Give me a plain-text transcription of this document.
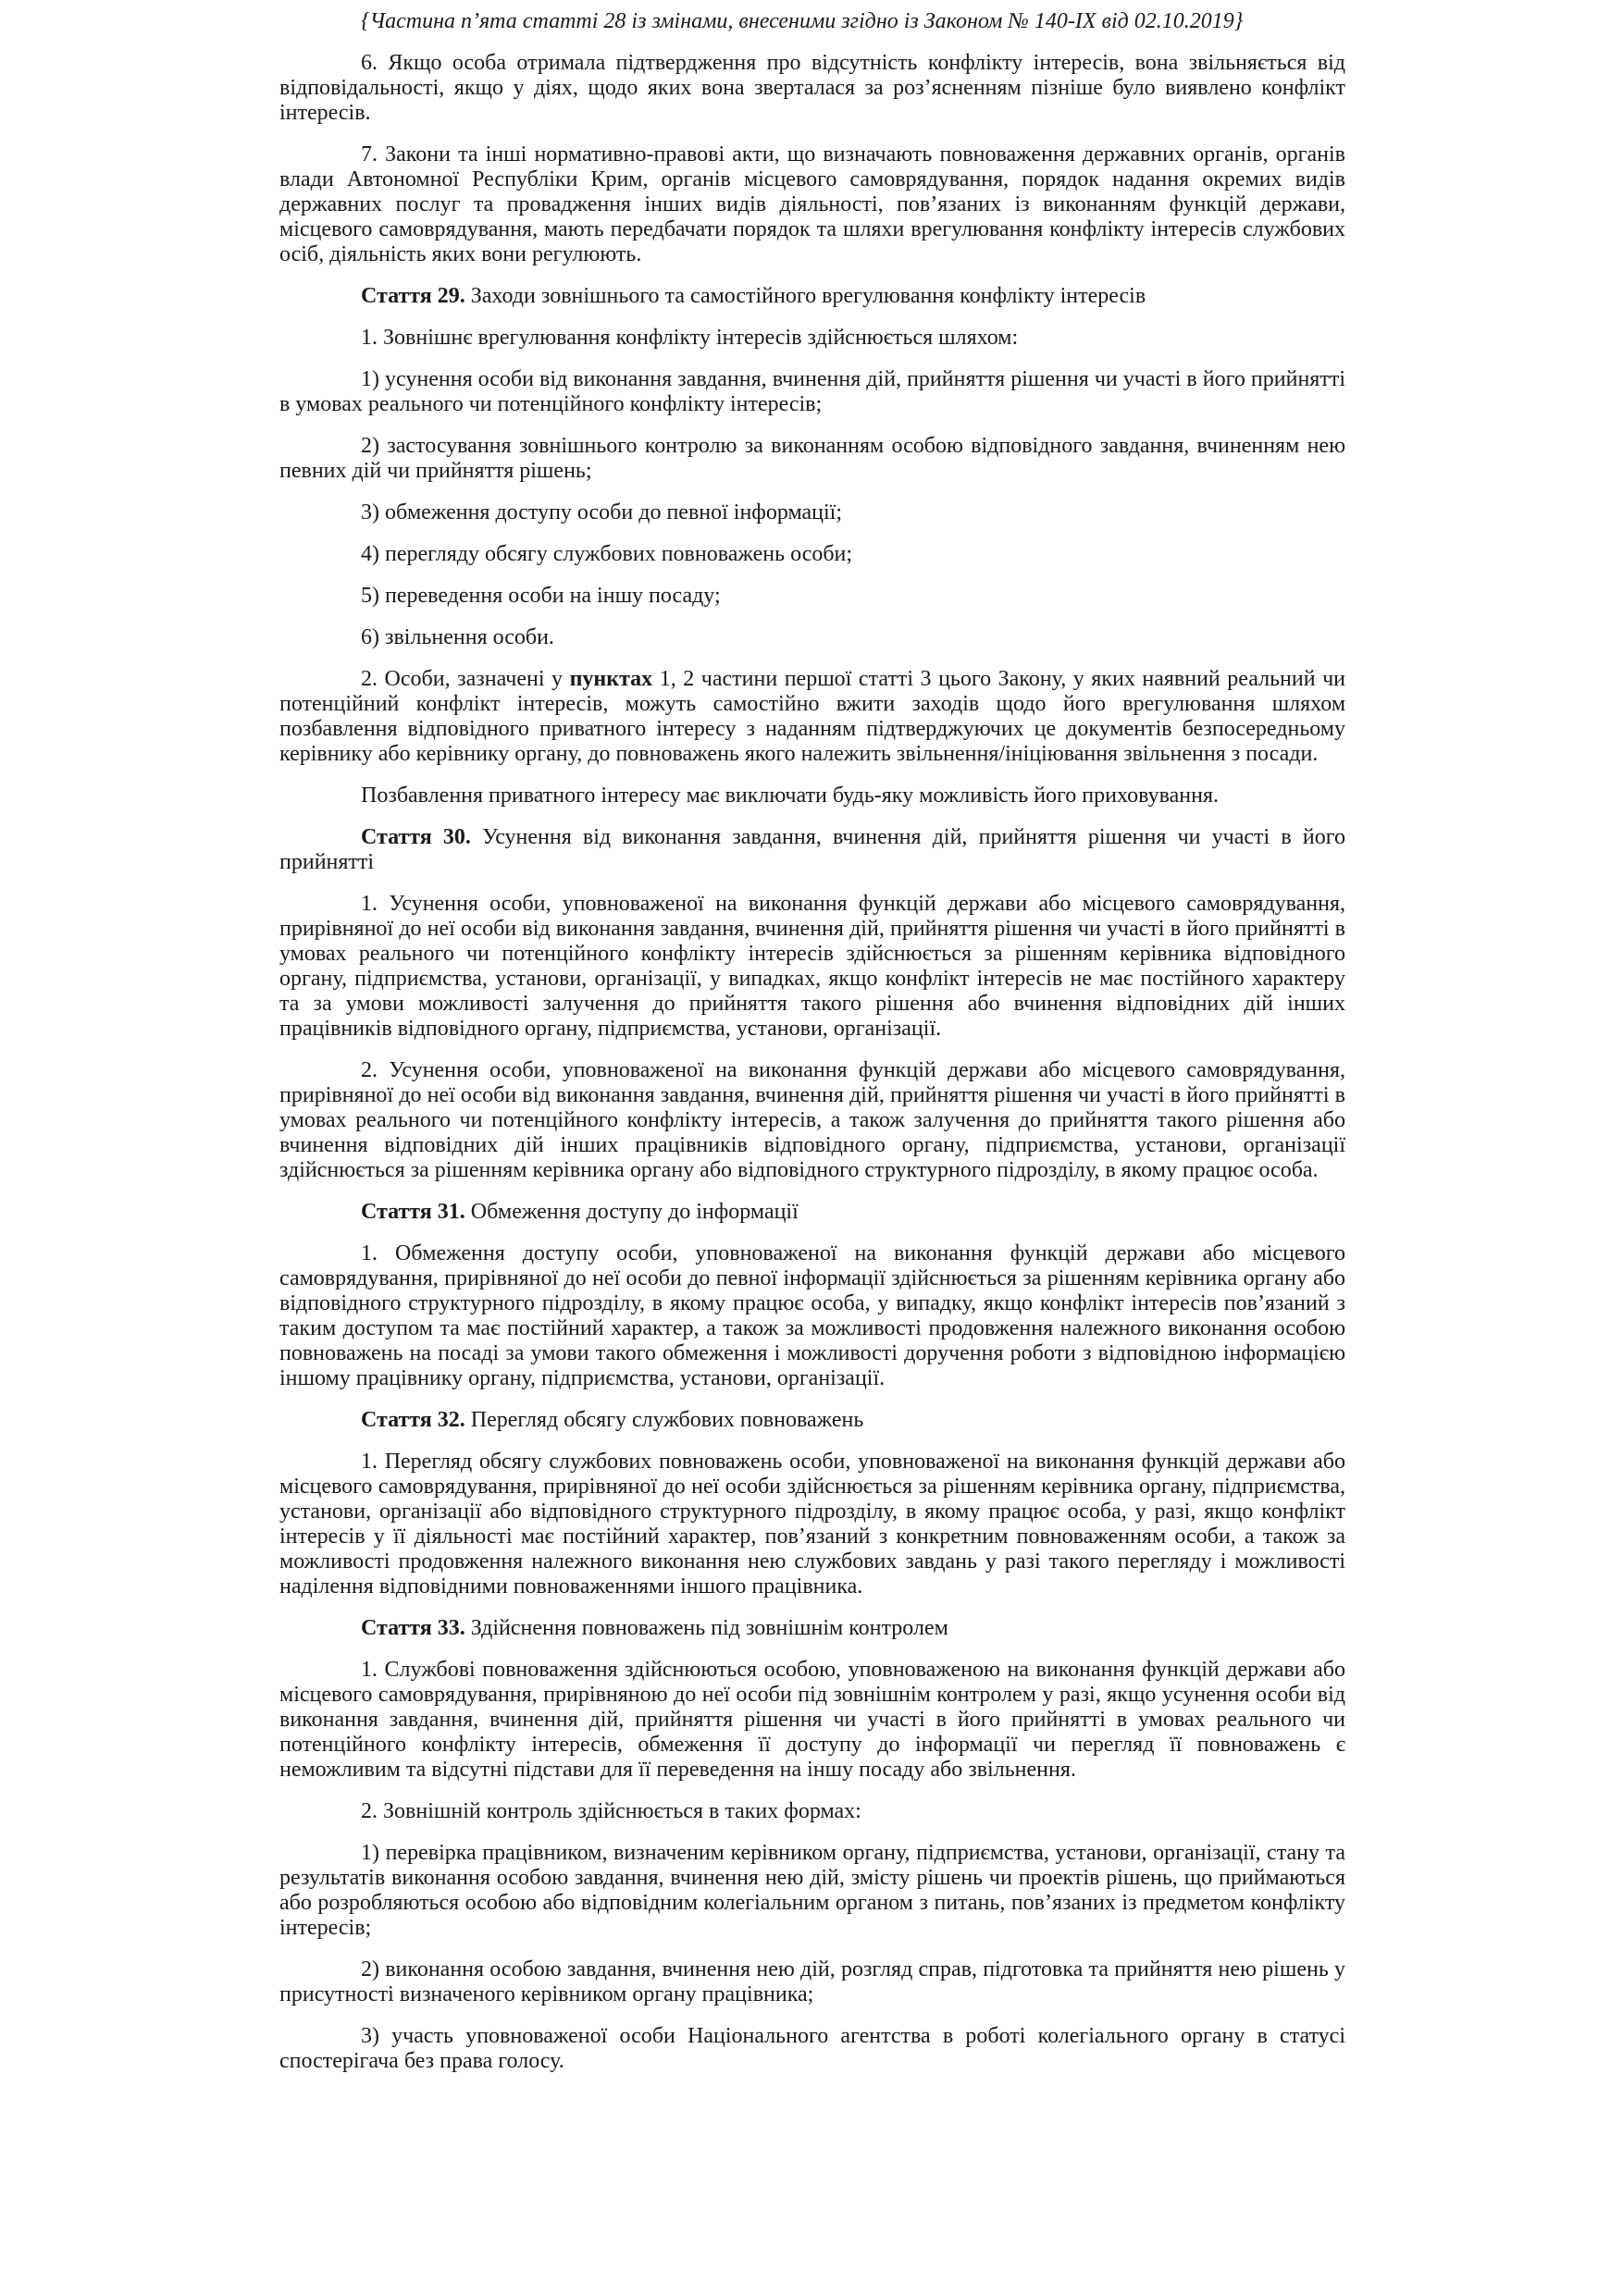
{Частина п’ята статті 28 із змінами, внесеними згідно із Законом № 140-IX від 02.10.2019}

6. Якщо особа отримала підтвердження про відсутність конфлікту інтересів, вона звільняється від відповідальності, якщо у діях, щодо яких вона зверталася за роз’ясненням пізніше було виявлено конфлікт інтересів.

7. Закони та інші нормативно-правові акти, що визначають повноваження державних органів, органів влади Автономної Республіки Крим, органів місцевого самоврядування, порядок надання окремих видів державних послуг та провадження інших видів діяльності, пов’язаних із виконанням функцій держави, місцевого самоврядування, мають передбачати порядок та шляхи врегулювання конфлікту інтересів службових осіб, діяльність яких вони регулюють.

Стаття 29. Заходи зовнішнього та самостійного врегулювання конфлікту інтересів

1. Зовнішнє врегулювання конфлікту інтересів здійснюється шляхом:

1) усунення особи від виконання завдання, вчинення дій, прийняття рішення чи участі в його прийнятті в умовах реального чи потенційного конфлікту інтересів;

2) застосування зовнішнього контролю за виконанням особою відповідного завдання, вчиненням нею певних дій чи прийняття рішень;

3) обмеження доступу особи до певної інформації;

4) перегляду обсягу службових повноважень особи;

5) переведення особи на іншу посаду;

6) звільнення особи.

2. Особи, зазначені у пунктах 1, 2 частини першої статті 3 цього Закону, у яких наявний реальний чи потенційний конфлікт інтересів, можуть самостійно вжити заходів щодо його врегулювання шляхом позбавлення відповідного приватного інтересу з наданням підтверджуючих це документів безпосередньому керівнику або керівнику органу, до повноважень якого належить звільнення/ініціювання звільнення з посади.

Позбавлення приватного інтересу має виключати будь-яку можливість його приховування.

Стаття 30. Усунення від виконання завдання, вчинення дій, прийняття рішення чи участі в його прийнятті

1. Усунення особи, уповноваженої на виконання функцій держави або місцевого самоврядування, прирівняної до неї особи від виконання завдання, вчинення дій, прийняття рішення чи участі в його прийнятті в умовах реального чи потенційного конфлікту інтересів здійснюється за рішенням керівника відповідного органу, підприємства, установи, організації, у випадках, якщо конфлікт інтересів не має постійного характеру та за умови можливості залучення до прийняття такого рішення або вчинення відповідних дій інших працівників відповідного органу, підприємства, установи, організації.

2. Усунення особи, уповноваженої на виконання функцій держави або місцевого самоврядування, прирівняної до неї особи від виконання завдання, вчинення дій, прийняття рішення чи участі в його прийнятті в умовах реального чи потенційного конфлікту інтересів, а також залучення до прийняття такого рішення або вчинення відповідних дій інших працівників відповідного органу, підприємства, установи, організації здійснюється за рішенням керівника органу або відповідного структурного підрозділу, в якому працює особа.

Стаття 31. Обмеження доступу до інформації

1. Обмеження доступу особи, уповноваженої на виконання функцій держави або місцевого самоврядування, прирівняної до неї особи до певної інформації здійснюється за рішенням керівника органу або відповідного структурного підрозділу, в якому працює особа, у випадку, якщо конфлікт інтересів пов’язаний з таким доступом та має постійний характер, а також за можливості продовження належного виконання особою повноважень на посаді за умови такого обмеження і можливості доручення роботи з відповідною інформацією іншому працівнику органу, підприємства, установи, організації.

Стаття 32. Перегляд обсягу службових повноважень

1. Перегляд обсягу службових повноважень особи, уповноваженої на виконання функцій держави або місцевого самоврядування, прирівняної до неї особи здійснюється за рішенням керівника органу, підприємства, установи, організації або відповідного структурного підрозділу, в якому працює особа, у разі, якщо конфлікт інтересів у її діяльності має постійний характер, пов’язаний з конкретним повноваженням особи, а також за можливості продовження належного виконання нею службових завдань у разі такого перегляду і можливості наділення відповідними повноваженнями іншого працівника.

Стаття 33. Здійснення повноважень під зовнішнім контролем

1. Службові повноваження здійснюються особою, уповноваженою на виконання функцій держави або місцевого самоврядування, прирівняною до неї особи під зовнішнім контролем у разі, якщо усунення особи від виконання завдання, вчинення дій, прийняття рішення чи участі в його прийнятті в умовах реального чи потенційного конфлікту інтересів, обмеження її доступу до інформації чи перегляд її повноважень є неможливим та відсутні підстави для її переведення на іншу посаду або звільнення.

2. Зовнішній контроль здійснюється в таких формах:

1) перевірка працівником, визначеним керівником органу, підприємства, установи, організації, стану та результатів виконання особою завдання, вчинення нею дій, змісту рішень чи проектів рішень, що приймаються або розробляються особою або відповідним колегіальним органом з питань, пов’язаних із предметом конфлікту інтересів;

2) виконання особою завдання, вчинення нею дій, розгляд справ, підготовка та прийняття нею рішень у присутності визначеного керівником органу працівника;

3) участь уповноваженої особи Національного агентства в роботі колегіального органу в статусі спостерігача без права голосу.
